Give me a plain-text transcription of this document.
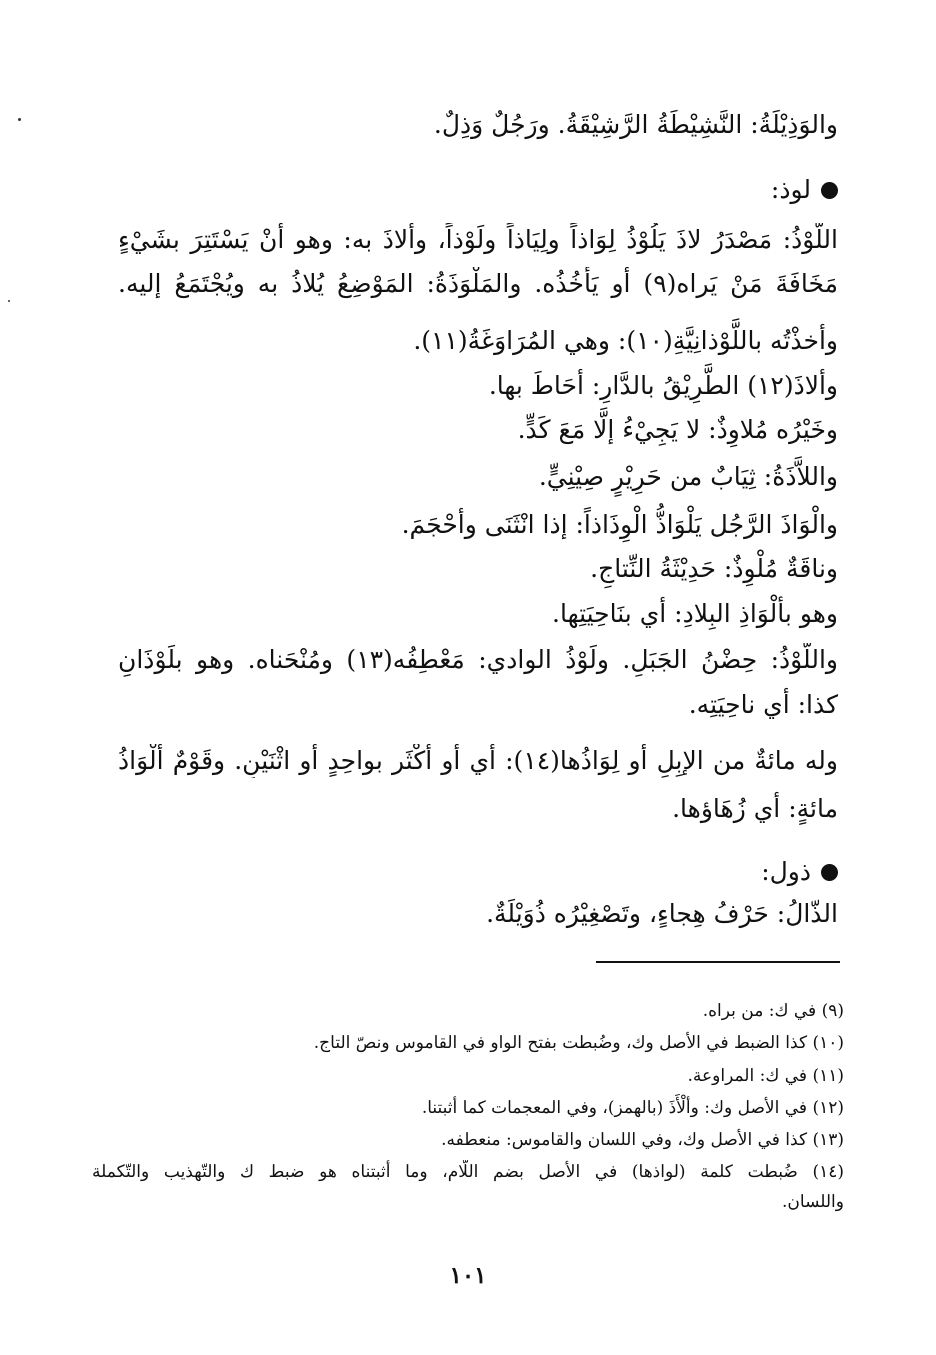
والوَذِيْلَةُ: النَّشِيْطَةُ الرَّشِيْقَةُ. ورَجُلٌ وَذِلٌ.
لوذ:
اللَّوْذُ: مَصْدَرُ لاذَ يَلُوْذُ لِوَاذاً ولِيَاذاً ولَوْذاً، وألاذَ به: وهو أنْ يَسْتَتِرَ بشَيْءٍ
مَخَافَةَ مَنْ يَراه(٩) أو يَأْخُذُه. والمَلْوَذَةُ: المَوْضِعُ يُلاذُ به ويُجْتَمَعُ إليه.
وأخذْتُه باللَّوْذانِيَّةِ(١٠): وهي المُرَاوَغَةُ(١١).
وألاذَ(١٢) الطَّرِيْقُ بالدَّارِ: أحَاطَ بها.
وخَيْرُه مُلاوِذٌ: لا يَجِيْءُ إلَّا مَعَ كَدٍّ.
واللاَّذَةُ: ثِيَابٌ من حَرِيْرٍ صِيْنِيٍّ.
والْوَاذَ الرَّجُل يَلْوَاذُّ الْوِذَاذاً: إذا انْثَنَى وأحْجَمَ.
وناقَةٌ مُلْوِذٌ: حَدِيْثَةُ النِّتاجِ.
وهو بألْوَاذِ البِلادِ: أي بنَاحِيَتِها.
واللَّوْذُ: حِضْنُ الجَبَلِ. ولَوْذُ الوادي: مَعْطِفُه(١٣) ومُنْحَناه. وهو بلَوْذَانِ
كذا: أي ناحِيَتِه.
وله مائةٌ من الإبِلِ أو لِوَاذُها(١٤): أي أو أكْثَر بواحِدٍ أو اثْنَيْنِ. وقَوْمٌ ألْوَاذُ
مائةٍ: أي زُهَاؤها.
ذول:
الذّالُ: حَرْفُ هِجاءٍ، وتَصْغِيْرُه ذُوَيْلَةٌ.
(٩) في ك: من براه.
(١٠) كذا الضبط في الأصل وك، وضُبطت بفتح الواو في القاموس ونصّ التاج.
(١١) في ك: المراوعة.
(١٢) في الأصل وك: وألْأَذَ (بالهمز)، وفي المعجمات كما أثبتنا.
(١٣) كذا في الأصل وك، وفي اللسان والقاموس: منعطفه.
(١٤) ضُبطت كلمة (لواذها) في الأصل بضم اللّام، وما أثبتناه هو ضبط ك والتّهذيب والتّكملة
واللسان.
١٠١
